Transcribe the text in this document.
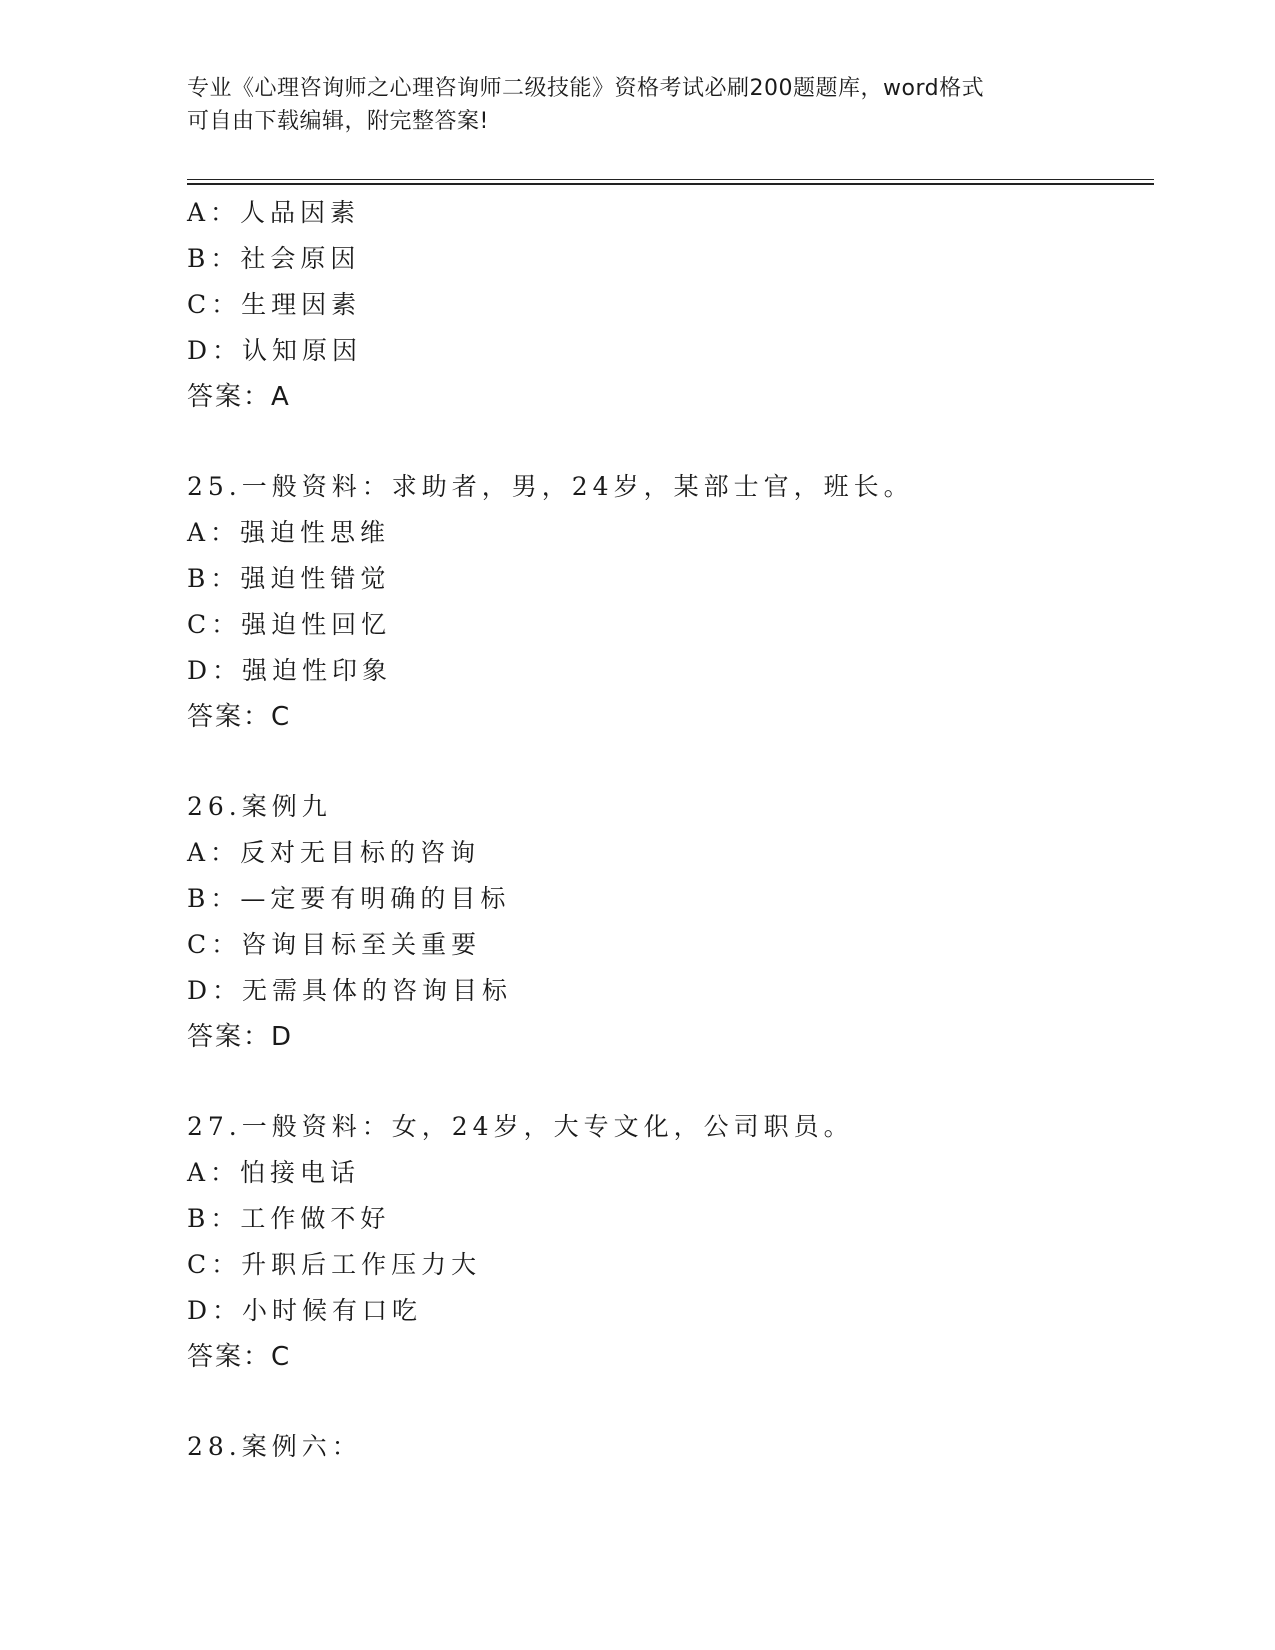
专业《心理咨询师之心理咨询师二级技能》资格考试必刷200题题库，word格式
可自由下载编辑，附完整答案!
A：人品因素
B：社会原因
C：生理因素
D：认知原因
答案：A
25.一般资料：求助者，男，24岁，某部士官，班长。
A：强迫性思维
B：强迫性错觉
C：强迫性回忆
D：强迫性印象
答案：C
26.案例九
A：反对无目标的咨询
B：—定要有明确的目标
C：咨询目标至关重要
D：无需具体的咨询目标
答案：D
27.一般资料：女，24岁，大专文化，公司职员。
A：怕接电话
B：工作做不好
C：升职后工作压力大
D：小时候有口吃
答案：C
28.案例六：
